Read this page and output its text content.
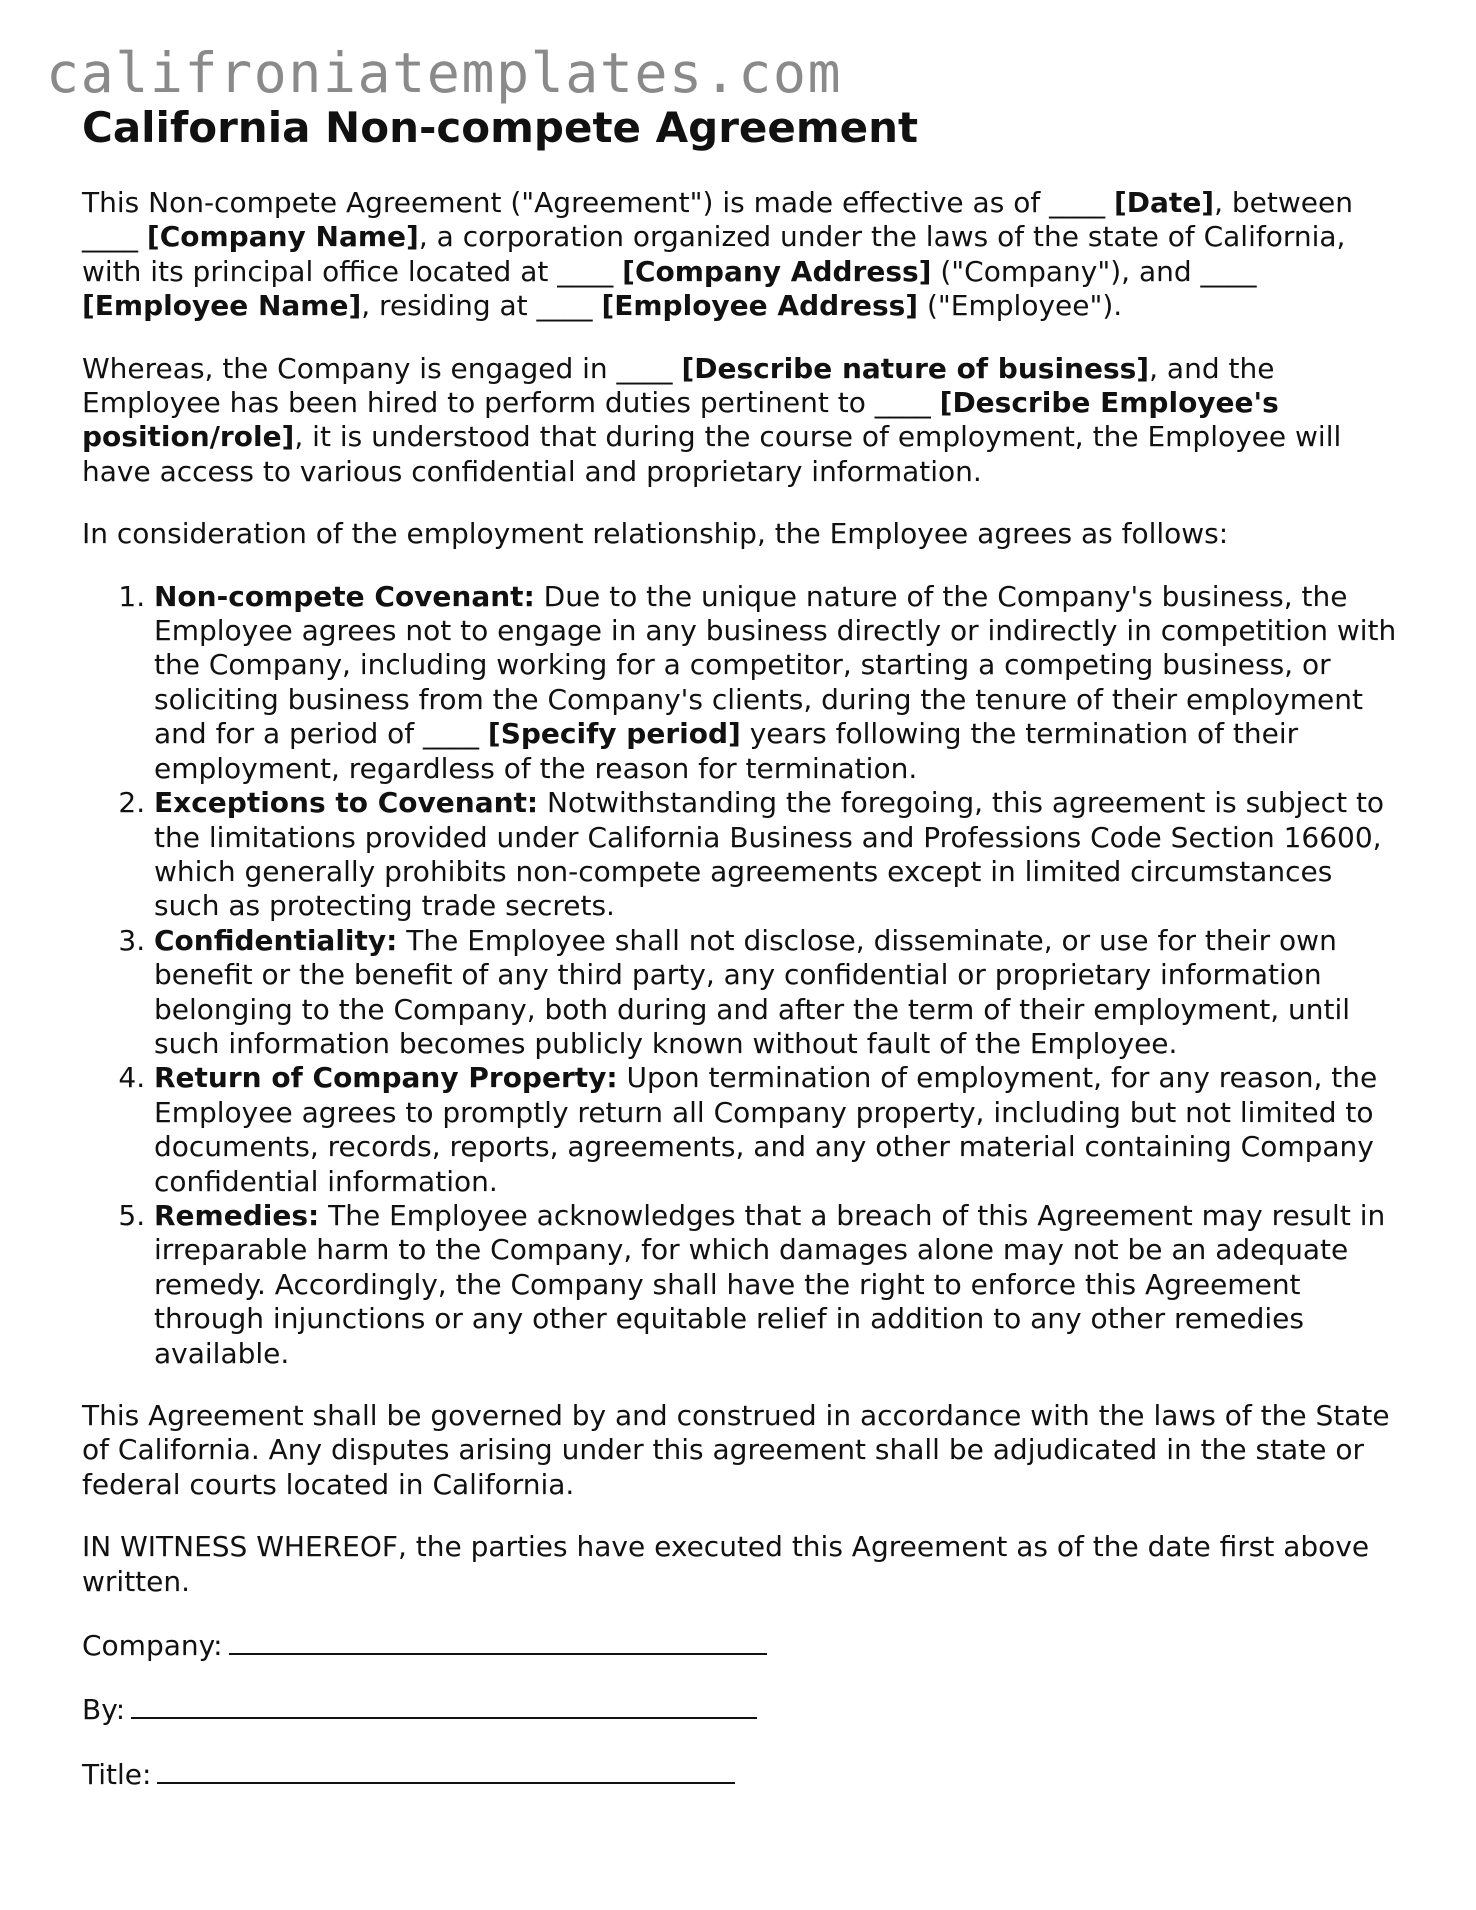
califroniatemplates.com
California Non-compete Agreement

This Non-compete Agreement ("Agreement") is made effective as of ____ [Date], between ____ [Company Name], a corporation organized under the laws of the state of California, with its principal office located at ____ [Company Address] ("Company"), and ____ [Employee Name], residing at ____ [Employee Address] ("Employee").

Whereas, the Company is engaged in ____ [Describe nature of business], and the Employee has been hired to perform duties pertinent to ____ [Describe Employee's position/role], it is understood that during the course of employment, the Employee will have access to various confidential and proprietary information.

In consideration of the employment relationship, the Employee agrees as follows:

1. Non-compete Covenant: Due to the unique nature of the Company's business, the Employee agrees not to engage in any business directly or indirectly in competition with the Company, including working for a competitor, starting a competing business, or soliciting business from the Company's clients, during the tenure of their employment and for a period of ____ [Specify period] years following the termination of their employment, regardless of the reason for termination.
2. Exceptions to Covenant: Notwithstanding the foregoing, this agreement is subject to the limitations provided under California Business and Professions Code Section 16600, which generally prohibits non-compete agreements except in limited circumstances such as protecting trade secrets.
3. Confidentiality: The Employee shall not disclose, disseminate, or use for their own benefit or the benefit of any third party, any confidential or proprietary information belonging to the Company, both during and after the term of their employment, until such information becomes publicly known without fault of the Employee.
4. Return of Company Property: Upon termination of employment, for any reason, the Employee agrees to promptly return all Company property, including but not limited to documents, records, reports, agreements, and any other material containing Company confidential information.
5. Remedies: The Employee acknowledges that a breach of this Agreement may result in irreparable harm to the Company, for which damages alone may not be an adequate remedy. Accordingly, the Company shall have the right to enforce this Agreement through injunctions or any other equitable relief in addition to any other remedies available.

This Agreement shall be governed by and construed in accordance with the laws of the State of California. Any disputes arising under this agreement shall be adjudicated in the state or federal courts located in California.

IN WITNESS WHEREOF, the parties have executed this Agreement as of the date first above written.

Company:
By:
Title:
